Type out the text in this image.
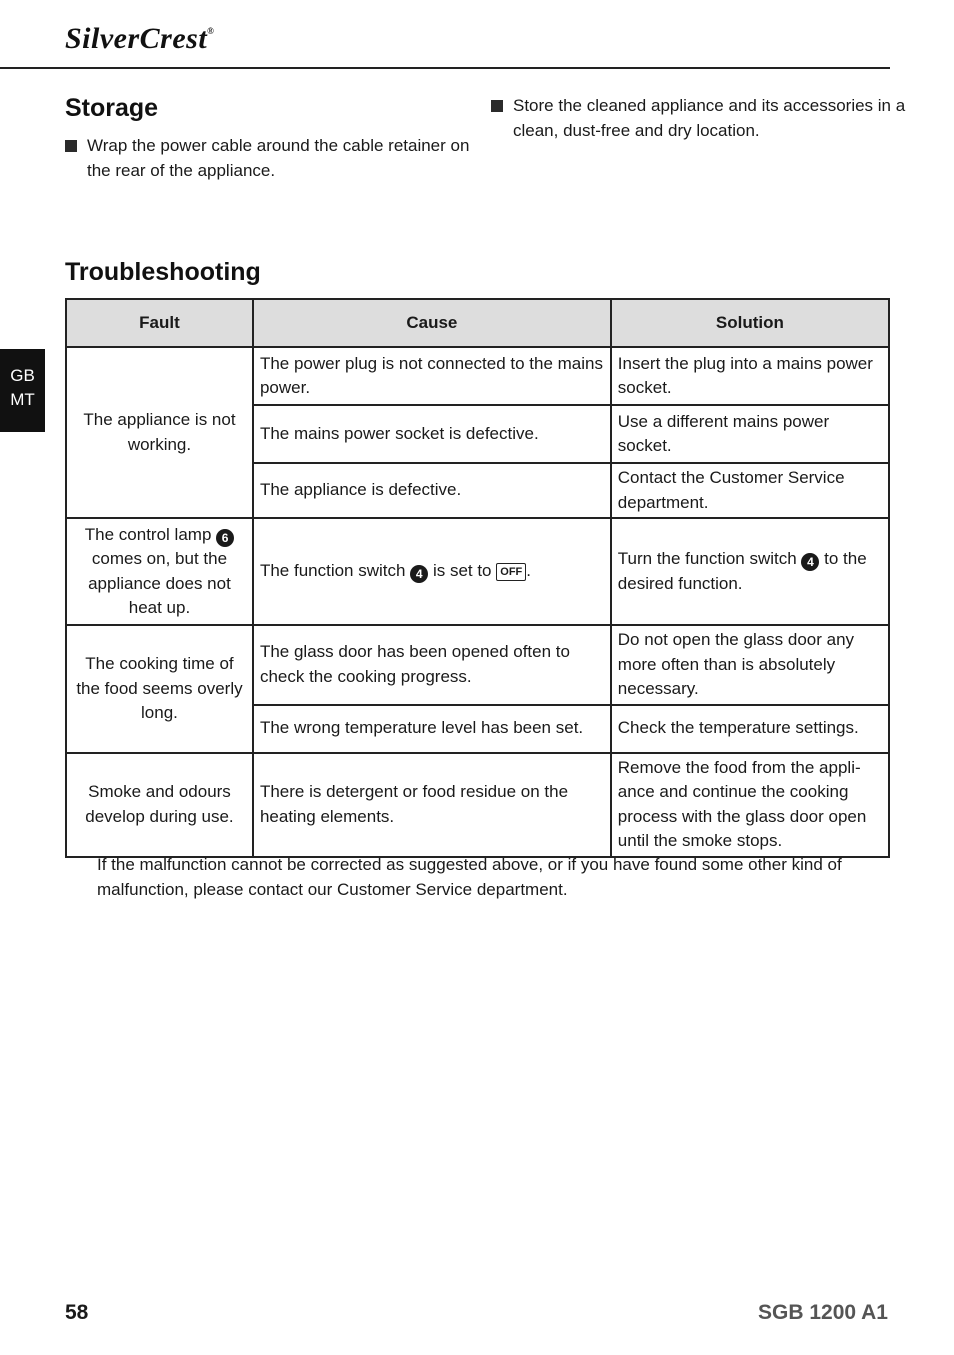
SilverCrest®
GB
MT
Storage
Wrap the power cable around the cable retainer on the rear of the appliance.
Store the cleaned appliance and its accessories in a clean, dust-free and dry location.
Troubleshooting
Fault	Cause	Solution
The appliance is not working.	The power plug is not connected to the mains power.	Insert the plug into a mains power socket.
	The mains power socket is defective.	Use a different mains power socket.
	The appliance is defective.	Contact the Customer Service department.
The control lamp 6 comes on, but the appliance does not heat up.	The function switch 4 is set to OFF .	Turn the function switch 4 to the desired function.
The cooking time of the food seems overly long.	The glass door has been opened often to check the cooking progress.	Do not open the glass door any more often than is absolutely necessary.
	The wrong temperature level has been set.	Check the temperature settings.
Smoke and odours develop during use.	There is detergent or food residue on the heating elements.	Remove the food from the appli-ance and continue the cooking process with the glass door open until the smoke stops.
If the malfunction cannot be corrected as suggested above, or if you have found some other kind of malfunction, please contact our Customer Service department.
58	SGB 1200 A1
